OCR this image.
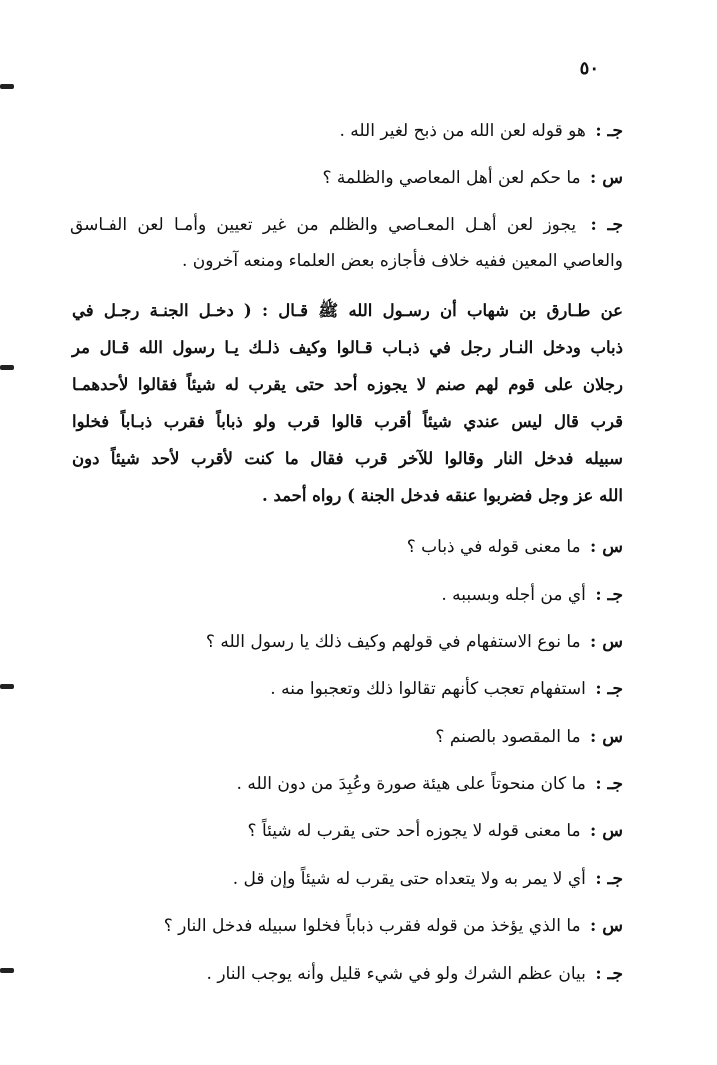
٥٠
جـ : هو قوله لعن الله من ذبح لغير الله .
س : ما حكم لعن أهل المعاصي والظلمة ؟
جـ : يجوز لعن أهـل المعـاصي والظلم من غير تعيين وأمـا لعن الفـاسق
والعاصي المعين ففيه خلاف فأجازه بعض العلماء ومنعه آخرون .
عن طـارق بن شهاب أن رسـول الله ﷺ قـال : ( دخـل الجنـة رجـل في
ذباب ودخل النـار رجل في ذبـاب قـالوا وكيف ذلـك يـا رسول الله قـال مر
رجلان على قوم لهم صنم لا يجوزه أحد حتى يقرب له شيئاً فقالوا لأحدهمـا
قرب قال ليس عندي شيئاً أقرب قالوا قرب ولو ذباباً فقرب ذبـاباً فخلوا
سبيله فدخل النار وقالوا للآخر قرب فقال ما كنت لأقرب لأحد شيئاً دون
الله عز وجل فضربوا عنقه فدخل الجنة ) رواه أحمد .
س : ما معنى قوله في ذباب ؟
جـ : أي من أجله وبسببه .
س : ما نوع الاستفهام في قولهم وكيف ذلك يا رسول الله ؟
جـ : استفهام تعجب كأنهم تقالوا ذلك وتعجبوا منه .
س : ما المقصود بالصنم ؟
جـ : ما كان منحوتاً على هيئة صورة وعُبِدَ من دون الله .
س : ما معنى قوله لا يجوزه أحد حتى يقرب له شيئاً ؟
جـ : أي لا يمر به ولا يتعداه حتى يقرب له شيئاً وإن قل .
س : ما الذي يؤخذ من قوله فقرب ذباباً فخلوا سبيله فدخل النار ؟
جـ : بيان عظم الشرك ولو في شيء قليل وأنه يوجب النار .
